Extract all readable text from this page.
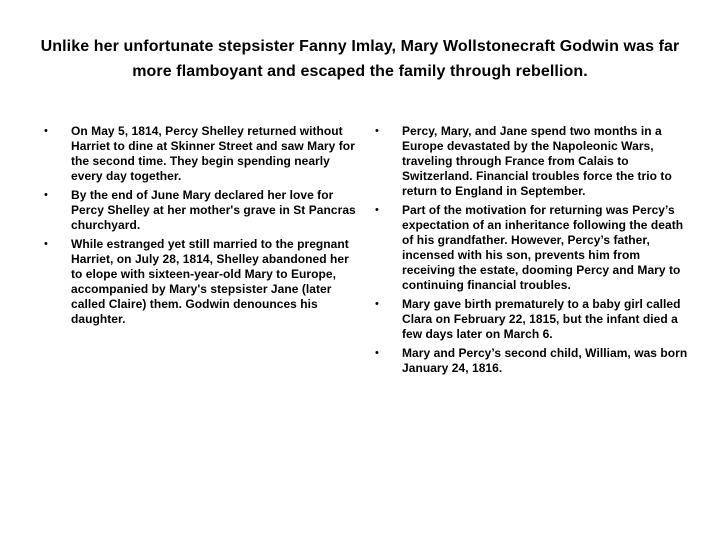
Unlike her unfortunate stepsister Fanny Imlay, Mary Wollstonecraft Godwin was far more flamboyant and escaped the family through rebellion.
•	On May 5, 1814, Percy Shelley returned without Harriet to dine at Skinner Street and saw Mary for the second time. They begin spending nearly every day together.
•	By the end of June Mary declared her love for Percy Shelley at her mother's grave in St Pancras churchyard.
•	While estranged yet still married to the pregnant Harriet, on July 28, 1814, Shelley abandoned her to elope with sixteen-year-old Mary to Europe, accompanied by Mary's stepsister Jane (later called Claire) them. Godwin denounces his daughter.
•	Percy, Mary, and Jane spend two months in a Europe devastated by the Napoleonic Wars, traveling through France from Calais to Switzerland. Financial troubles force the trio to return to England in September.
•	Part of the motivation for returning was Percy’s expectation of an inheritance following the death of his grandfather. However, Percy’s father, incensed with his son, prevents him from receiving the estate, dooming Percy and Mary to continuing financial troubles.
•	Mary gave birth prematurely to a baby girl called Clara on February 22, 1815, but the infant died a few days later on March 6.
•	Mary and Percy’s second child, William, was born January 24, 1816.
